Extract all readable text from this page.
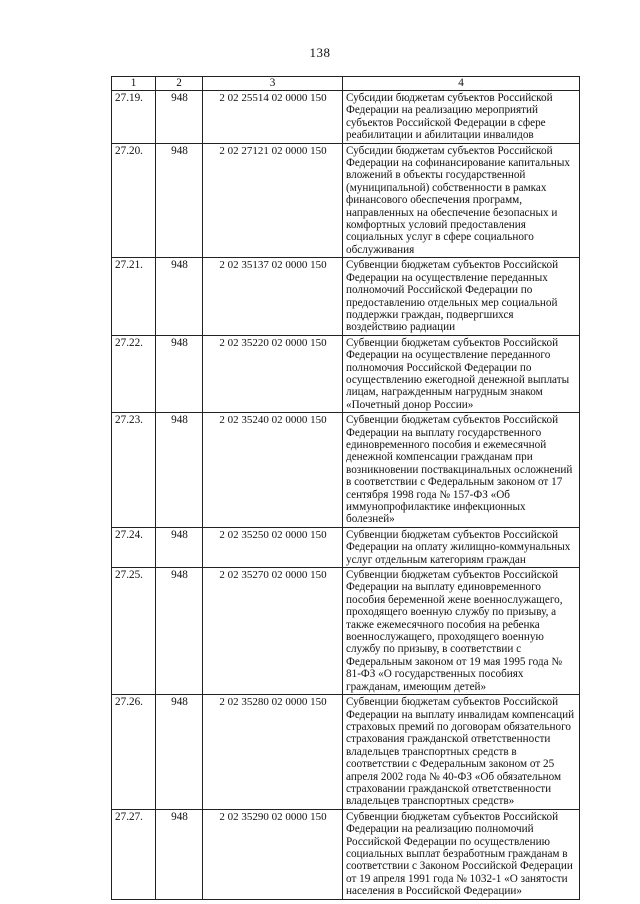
138
1	2	3	4
27.19.	948	2 02 25514 02 0000 150	Субсидии бюджетам субъектов Российской Федерации на реализацию мероприятий субъектов Российской Федерации в сфере реабилитации и абилитации инвалидов
27.20.	948	2 02 27121 02 0000 150	Субсидии бюджетам субъектов Российской Федерации на софинансирование капитальных вложений в объекты государственной (муниципальной) собственности в рамках финансового обеспечения программ, направленных на обеспечение безопасных и комфортных условий предоставления социальных услуг в сфере социального обслуживания
27.21.	948	2 02 35137 02 0000 150	Субвенции бюджетам субъектов Российской Федерации на осуществление переданных полномочий Российской Федерации по предоставлению отдельных мер социальной поддержки граждан, подвергшихся воздействию радиации
27.22.	948	2 02 35220 02 0000 150	Субвенции бюджетам субъектов Российской Федерации на осуществление переданного полномочия Российской Федерации по осуществлению ежегодной денежной выплаты лицам, награжденным нагрудным знаком «Почетный донор России»
27.23.	948	2 02 35240 02 0000 150	Субвенции бюджетам субъектов Российской Федерации на выплату государственного единовременного пособия и ежемесячной денежной компенсации гражданам при возникновении поствакцинальных осложнений в соответствии с Федеральным законом от 17 сентября 1998 года № 157-ФЗ «Об иммунопрофилактике инфекционных болезней»
27.24.	948	2 02 35250 02 0000 150	Субвенции бюджетам субъектов Российской Федерации на оплату жилищно-коммунальных услуг отдельным категориям граждан
27.25.	948	2 02 35270 02 0000 150	Субвенции бюджетам субъектов Российской Федерации на выплату единовременного пособия беременной жене военнослужащего, проходящего военную службу по призыву, а также ежемесячного пособия на ребенка военнослужащего, проходящего военную службу по призыву, в соответствии с Федеральным законом от 19 мая 1995 года № 81-ФЗ «О государственных пособиях гражданам, имеющим детей»
27.26.	948	2 02 35280 02 0000 150	Субвенции бюджетам субъектов Российской Федерации на выплату инвалидам компенсаций страховых премий по договорам обязательного страхования гражданской ответственности владельцев транспортных средств в соответствии с Федеральным законом от 25 апреля 2002 года № 40-ФЗ «Об обязательном страховании гражданской ответственности владельцев транспортных средств»
27.27.	948	2 02 35290 02 0000 150	Субвенции бюджетам субъектов Российской Федерации на реализацию полномочий Российской Федерации по осуществлению социальных выплат безработным гражданам в соответствии с Законом Российской Федерации от 19 апреля 1991 года № 1032-1 «О занятости населения в Российской Федерации»
